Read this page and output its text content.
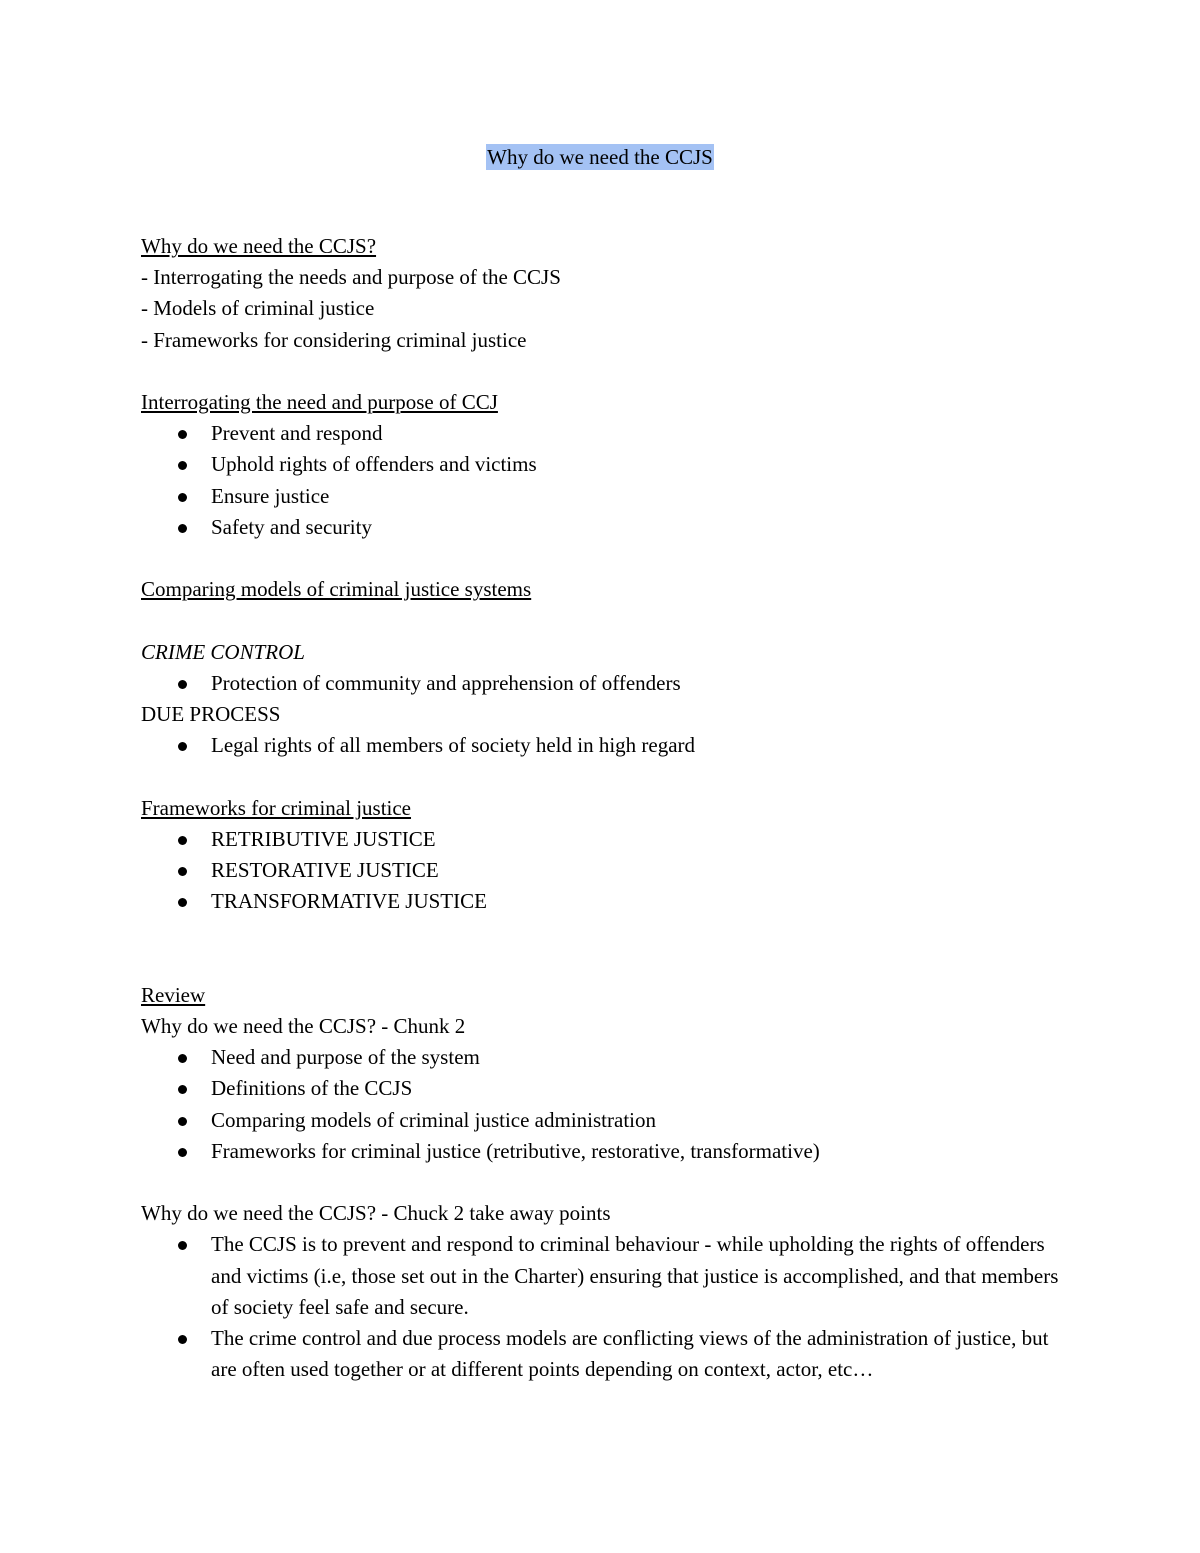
Why do we need the CCJS
Why do we need the CCJS?
- Interrogating the needs and purpose of the CCJS
- Models of criminal justice
- Frameworks for considering criminal justice
Interrogating the need and purpose of CCJ
Prevent and respond
Uphold rights of offenders and victims
Ensure justice
Safety and security
Comparing models of criminal justice systems
CRIME CONTROL
Protection of community and apprehension of offenders
DUE PROCESS
Legal rights of all members of society held in high regard
Frameworks for criminal justice
RETRIBUTIVE JUSTICE
RESTORATIVE JUSTICE
TRANSFORMATIVE JUSTICE
Review
Why do we need the CCJS? - Chunk 2
Need and purpose of the system
Definitions of the CCJS
Comparing models of criminal justice administration
Frameworks for criminal justice (retributive, restorative, transformative)
Why do we need the CCJS? - Chuck 2 take away points
The CCJS is to prevent and respond to criminal behaviour - while upholding the rights of offenders and victims (i.e, those set out in the Charter) ensuring that justice is accomplished, and that members of society feel safe and secure.
The crime control and due process models are conflicting views of the administration of justice, but are often used together or at different points depending on context, actor, etc…
